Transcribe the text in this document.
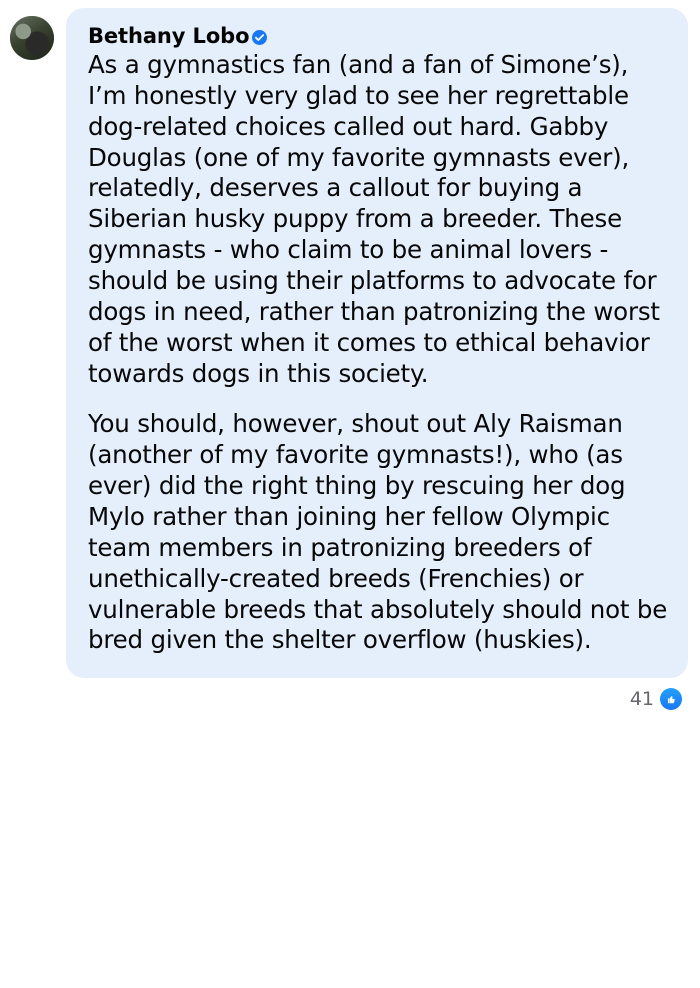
Bethany Lobo

As a gymnastics fan (and a fan of Simone’s), I’m honestly very glad to see her regrettable dog-related choices called out hard. Gabby Douglas (one of my favorite gymnasts ever), relatedly, deserves a callout for buying a Siberian husky puppy from a breeder. These gymnasts - who claim to be animal lovers - should be using their platforms to advocate for dogs in need, rather than patronizing the worst of the worst when it comes to ethical behavior towards dogs in this society.

You should, however, shout out Aly Raisman (another of my favorite gymnasts!), who (as ever) did the right thing by rescuing her dog Mylo rather than joining her fellow Olympic team members in patronizing breeders of unethically-created breeds (Frenchies) or vulnerable breeds that absolutely should not be bred given the shelter overflow (huskies).

41
